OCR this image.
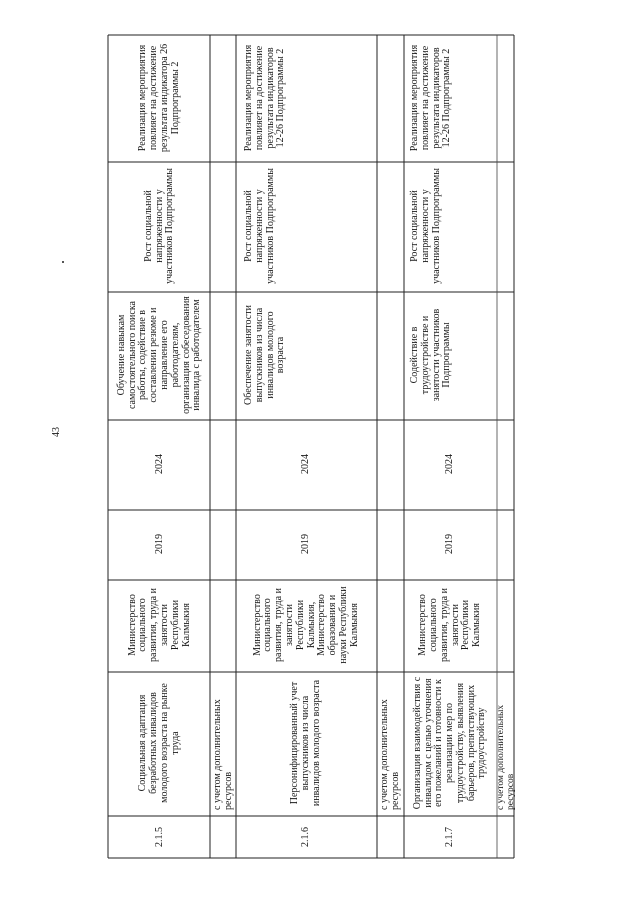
43
2.1.5
Социальная адаптация безработных инвалидов молодого возраста на рынке труда	с учетом дополнительных ресурсов
Министерство социального развития, труда и занятости Республики Калмыкия
2019
2024
Обучение навыкам самостоятельного поиска работы, содействие в составлении резюме и направление его работодателям, организация собеседования инвалида с работодателем
Рост социальной напряженности у участников Подпрограммы
Реализация мероприятия повлияет на достижение результата индикатора 26 Подпрограммы 2
2.1.6
Персонифицированный учет выпускников из числа инвалидов молодого возраста	с учетом дополнительных ресурсов
Министерство социального развития, труда и занятости Республики Калмыкия, Министерство образования и науки Республики Калмыкия
2019
2024
Обеспечение занятости выпускников из числа инвалидов молодого возраста
Рост социальной напряженности у участников Подпрограммы
Реализация мероприятия повлияет на достижение результата индикаторов 12-26 Подпрограммы 2
2.1.7
Организация взаимодействия с инвалидом с целью уточнения его пожеланий и готовности к реализации мер по трудоустройству, выявления барьеров, препятствующих трудоустройству с учетом дополнительных ресурсов
Министерство социального развития, труда и занятости Республики Калмыкия
2019
2024
Содействие в трудоустройстве и занятости участников Подпрограммы
Рост социальной напряженности у участников Подпрограммы
Реализация мероприятия повлияет на достижение результата индикаторов 12-26 Подпрограммы 2
